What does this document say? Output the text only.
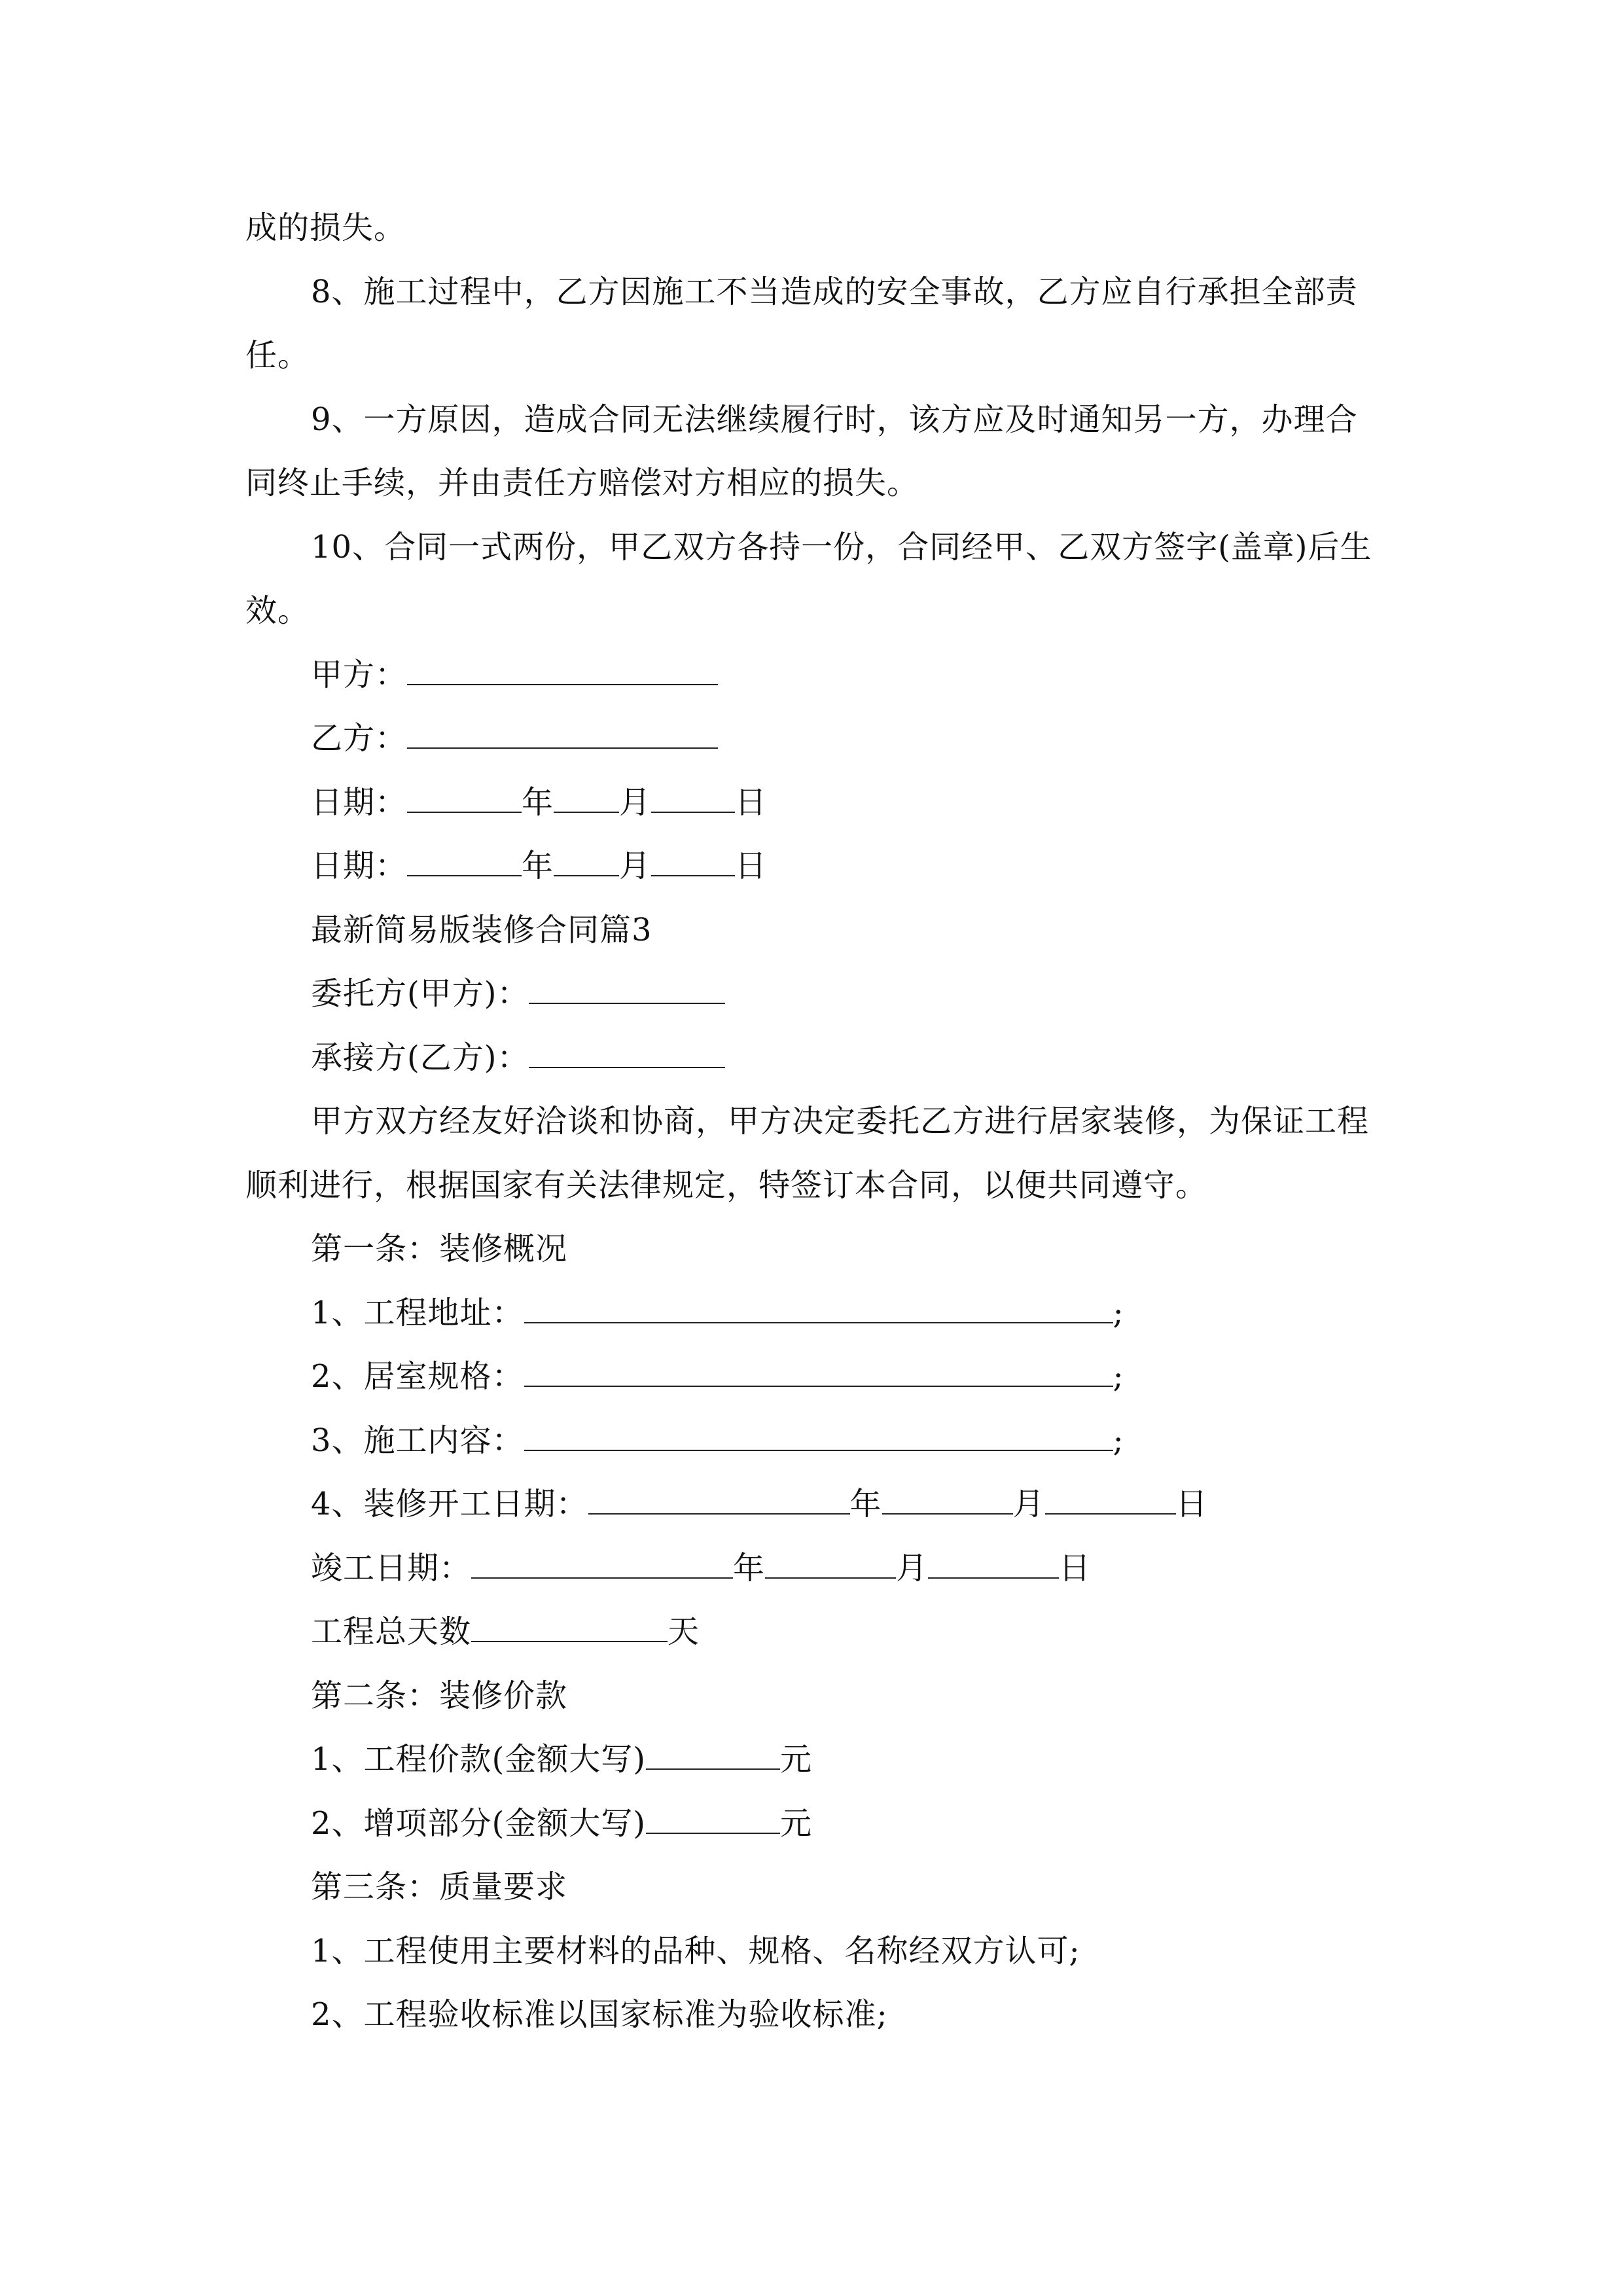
成的损失。
8、施工过程中，乙方因施工不当造成的安全事故，乙方应自行承担全部责
任。
9、一方原因，造成合同无法继续履行时，该方应及时通知另一方，办理合
同终止手续，并由责任方赔偿对方相应的损失。
10、合同一式两份，甲乙双方各持一份，合同经甲、乙双方签字(盖章)后生
效。
甲方：
乙方：
日期：	年 月	日
日期：	年 月	日
最新简易版装修合同篇3
委托方(甲方)：
承接方(乙方)：
甲方双方经友好洽谈和协商，甲方决定委托乙方进行居家装修，为保证工程
顺利进行，根据国家有关法律规定，特签订本合同，以便共同遵守。
第一条：装修概况
1、工程地址：	;
2、居室规格：	;
3、施工内容：	;
4、装修开工日期：	年	月	日
竣工日期：	年	月	日
工程总天数	天
第二条：装修价款
1、工程价款(金额大写)	元
2、增项部分(金额大写)	元
第三条：质量要求
1、工程使用主要材料的品种、规格、名称经双方认可;
2、工程验收标准以国家标准为验收标准;
